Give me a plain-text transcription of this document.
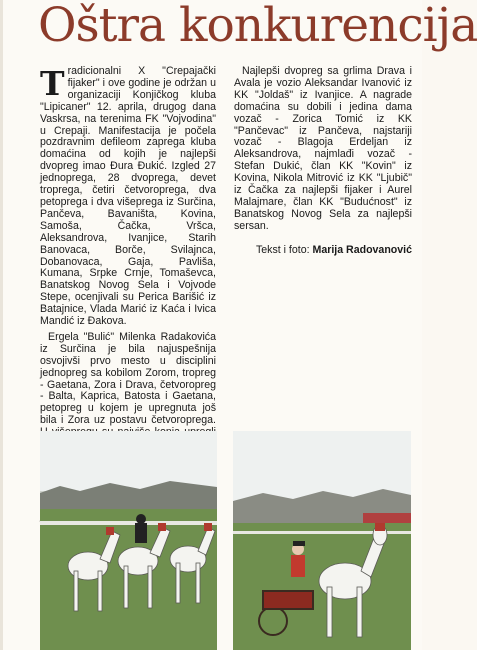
Oštra konkurencija

Tradicionalni X "Crepajački fijaker" i ove godine je održan u organizaciji Konjičkog kluba "Lipicaner" 12. aprila, drugog dana Vaskrsa, na terenima FK "Vojvodina" u Crepaji. Manifestacija je počela pozdravnim defileom zaprega kluba domaćina od kojih je najlepši dvopreg imao Đura Đukić. Izgled 27 jednoprega, 28 dvoprega, devet troprega, četiri četvoroprega, dva petoprega i dva višeprega iz Surčina, Pančeva, Bavaništa, Kovina, Samoša, Čačka, Vršca, Aleksandrova, Ivanjice, Starih Banovaca, Borče, Svilajnca, Dobanovaca, Gaja, Pavliša, Kumana, Srpke Crnje, Tomaševca, Banatskog Novog Sela i Vojvode Stepe, ocenjivali su Perica Barišić iz Batajnice, Vlada Marić iz Kaća i Ivica Mandić iz Đakova.

Ergela "Bulić" Milenka Radakovića iz Surčina je bila najuspešnija osvojivši prvo mesto u disciplini jednopreg sa kobilom Zorom, tropreg - Gaetana, Zora i Drava, četvoropreg - Balta, Kaprica, Batosta i Gaetana, petopreg u kojem je upregnuta još bila i Zora uz postavu četvoroprega.

Najlepši dvopreg sa grlima Drava i Avala je vozio Aleksandar Ivanović iz KK "Joldaš" iz Ivanjice. A nagrade domaćina su dobili i jedina dama vozač - Zorica Tomić iz KK "Pančevac" iz Pančeva, najstariji vozač - Blagoja Erdeljan iz Aleksandrova, najmlađi vozač - Stefan Dukić, član KK "Kovin" iz Kovina, Nikola Mitrović iz KK "Ljubič" iz Čačka za najlepši fijaker i Aurel Malajmare, član KK "Budućnost" iz Banatskog Novog Sela za najlepši sersan.

Tekst i foto: Marija Radovanović
